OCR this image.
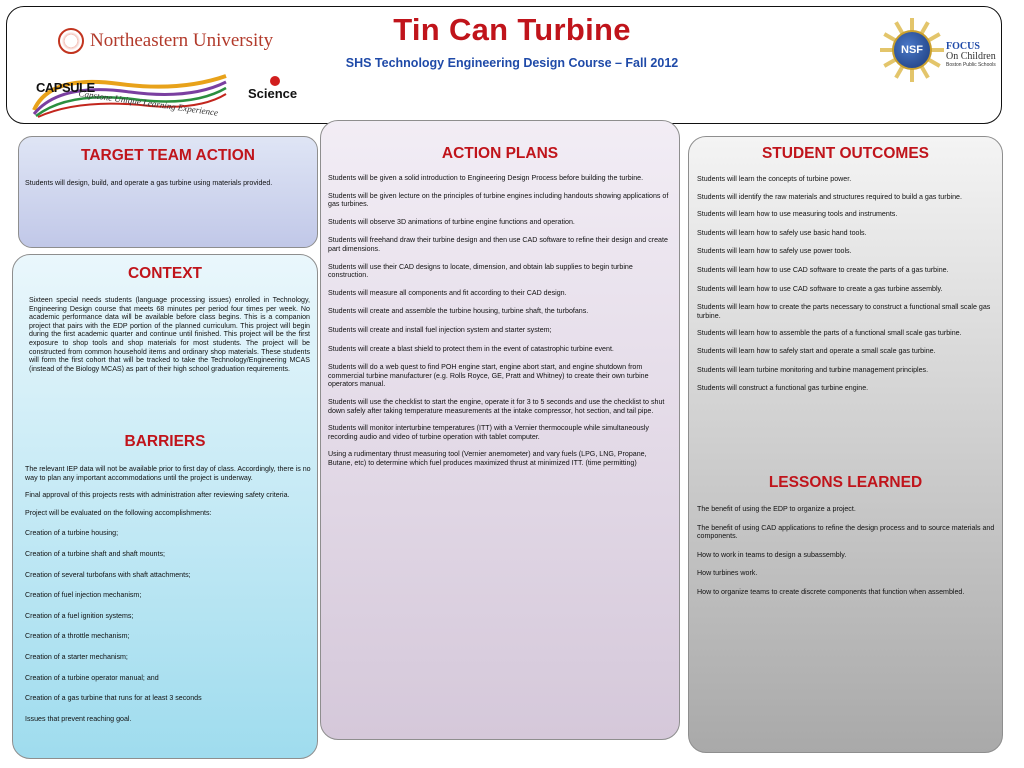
Tin Can Turbine
SHS Technology Engineering Design Course – Fall 2012
Northeastern University
CAPSULE
Capstone Unique Learning Experience Science
NSF	FOCUS
On Children
Boston Public Schools
TARGET TEAM ACTION
Students will design, build, and operate a gas turbine using materials provided.
CONTEXT
Sixteen special needs students (language processing issues) enrolled in Technology, Engineering Design course that meets 68 minutes per period four times per week. No academic performance data will be available before class begins. This is a companion project that pairs with the EDP portion of the planned curriculum. This project will begin during the first academic quarter and continue until finished. This project will be the first exposure to shop tools and shop materials for most students. The project will be constructed from common household items and ordinary shop materials. These students will form the first cohort that will be tracked to take the Technology/Engineering MCAS (instead of the Biology MCAS) as part of their high school graduation requirements.
BARRIERS

The relevant IEP data will not be available prior to first day of class. Accordingly, there is no way to plan any important accommodations until the project is underway.

Final approval of this projects rests with administration after reviewing safety criteria.

Project will be evaluated on the following accomplishments:

Creation of a turbine housing;

Creation of a turbine shaft and shaft mounts;

Creation of several turbofans with shaft attachments;

Creation of fuel injection mechanism;

Creation of a fuel ignition systems;

Creation of a throttle mechanism;

Creation of a starter mechanism;

Creation of a turbine operator manual; and

Creation of a gas turbine that runs for at least 3 seconds

Issues that prevent reaching goal.

ACTION PLANS

Students will be given a solid introduction to Engineering Design Process before building the turbine.

Students will be given lecture on the principles of turbine engines including handouts showing applications of gas turbines.

Students will observe 3D animations of turbine engine functions and operation.

Students will freehand draw their turbine design and then use CAD software to refine their design and create part dimensions.

Students will use their CAD designs to locate, dimension, and obtain lab supplies to begin turbine construction.

Students will measure all components and fit according to their CAD design.

Students will create and assemble the turbine housing, turbine shaft, the turbofans.

Students will create and install fuel injection system and starter system;

Students will create a blast shield to protect them in the event of catastrophic turbine event.

Students will do a web quest to find POH engine start, engine abort start, and engine shutdown from commercial turbine manufacturer (e.g. Rolls Royce, GE, Pratt and Whitney) to create their own turbine operators manual.

Students will use the checklist to start the engine, operate it for 3 to 5 seconds and use the checklist to shut down safely after taking temperature measurements at the intake compressor, hot section, and tail pipe.

Students will monitor interturbine temperatures (ITT) with a Vernier thermocouple while simultaneously recording audio and video of turbine operation with tablet computer.

Using a rudimentary thrust measuring tool (Vernier anemometer) and vary fuels (LPG, LNG, Propane, Butane, etc) to determine which fuel produces maximized thrust at minimized ITT. (time permitting)

STUDENT OUTCOMES

Students will learn the concepts of turbine power.

Students will identify the raw materials and structures required to build a gas turbine.

Students will learn how to use measuring tools and instruments.

Students will learn how to safely use basic hand tools.

Students will learn how to safely use power tools.

Students will learn how to use CAD software to create the parts of a gas turbine.

Students will learn how to use CAD software to create a gas turbine assembly.

Students will learn how to create the parts necessary to construct a functional small scale gas turbine.

Students will learn how to assemble the parts of a functional small scale gas turbine.

Students will learn how to safely start and operate a small scale gas turbine.

Students will learn turbine monitoring and turbine management principles.

Students will construct a functional gas turbine engine.

LESSONS LEARNED

The benefit of using the EDP to organize a project.

The benefit of using CAD applications to refine the design process and to source materials and components.

How to work in teams to design a subassembly.

How turbines work.

How to organize teams to create discrete components that function when assembled.
